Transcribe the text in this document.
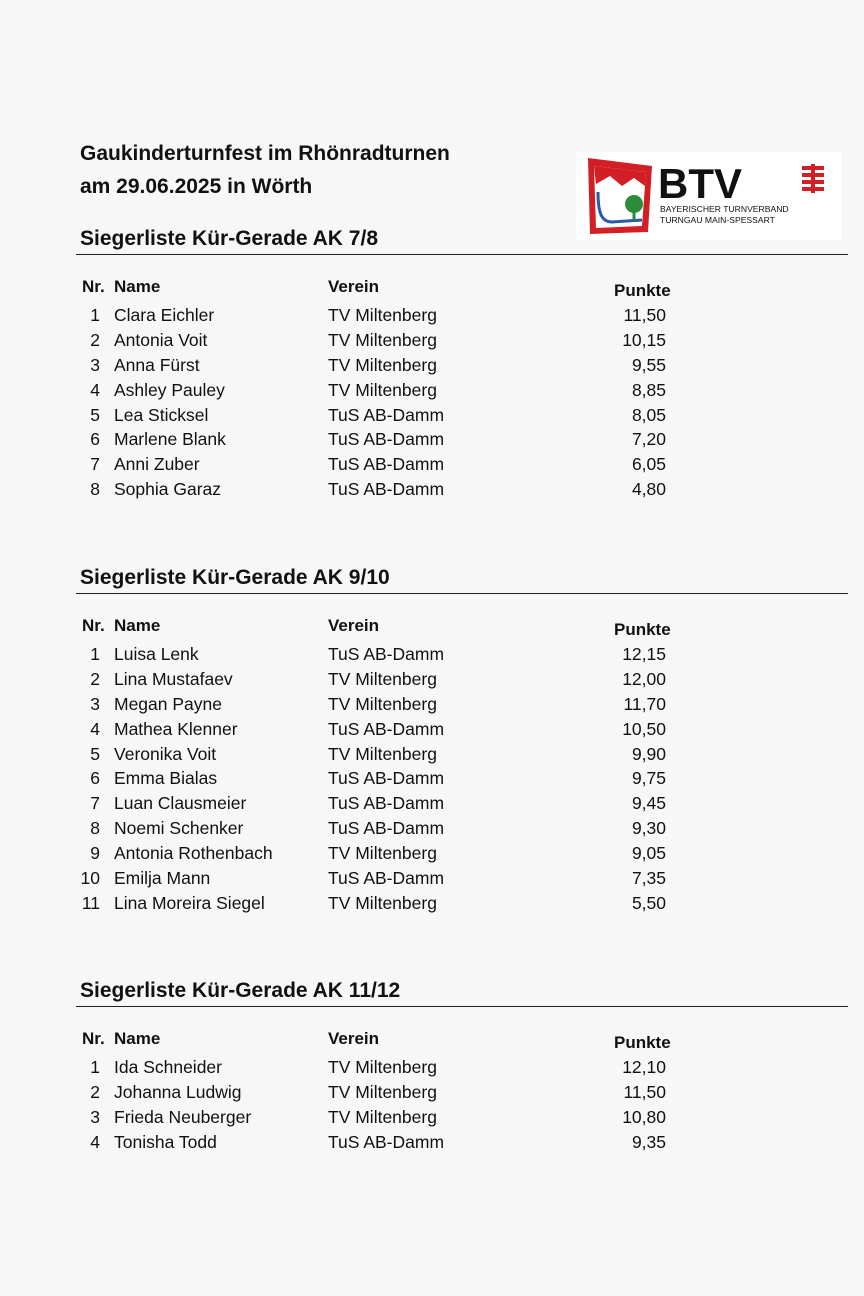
Gaukinderturnfest im Rhönradturnen
am 29.06.2025 in Wörth	BTV
BAYERISCHER TURNVERBAND
TURNGAU MAIN-SPESSART
Siegerliste Kür-Gerade AK 7/8
Nr. Name	Verein	Punkte
1 Clara Eichler	TV Miltenberg	11,50
2 Antonia Voit	TV Miltenberg	10,15
3 Anna Fürst	TV Miltenberg	9,55
4 Ashley Pauley	TV Miltenberg	8,85
5 Lea Sticksel	TuS AB-Damm	8,05
6 Marlene Blank	TuS AB-Damm	7,20
7 Anni Zuber	TuS AB-Damm	6,05
8 Sophia Garaz	TuS AB-Damm	4,80
Siegerliste Kür-Gerade AK 9/10
Nr. Name	Verein	Punkte
1 Luisa Lenk	TuS AB-Damm	12,15
2 Lina Mustafaev	TV Miltenberg	12,00
3 Megan Payne	TV Miltenberg	11,70
4 Mathea Klenner	TuS AB-Damm	10,50
5 Veronika Voit	TV Miltenberg	9,90
6 Emma Bialas	TuS AB-Damm	9,75
7 Luan Clausmeier	TuS AB-Damm	9,45
8 Noemi Schenker	TuS AB-Damm	9,30
9 Antonia Rothenbach	TV Miltenberg	9,05
10 Emilja Mann	TuS AB-Damm	7,35
11 Lina Moreira Siegel	TV Miltenberg	5,50
Siegerliste Kür-Gerade AK 11/12
Nr. Name	Verein	Punkte
1 Ida Schneider	TV Miltenberg	12,10
2 Johanna Ludwig	TV Miltenberg	11,50
3 Frieda Neuberger	TV Miltenberg	10,80
4 Tonisha Todd	TuS AB-Damm	9,35
